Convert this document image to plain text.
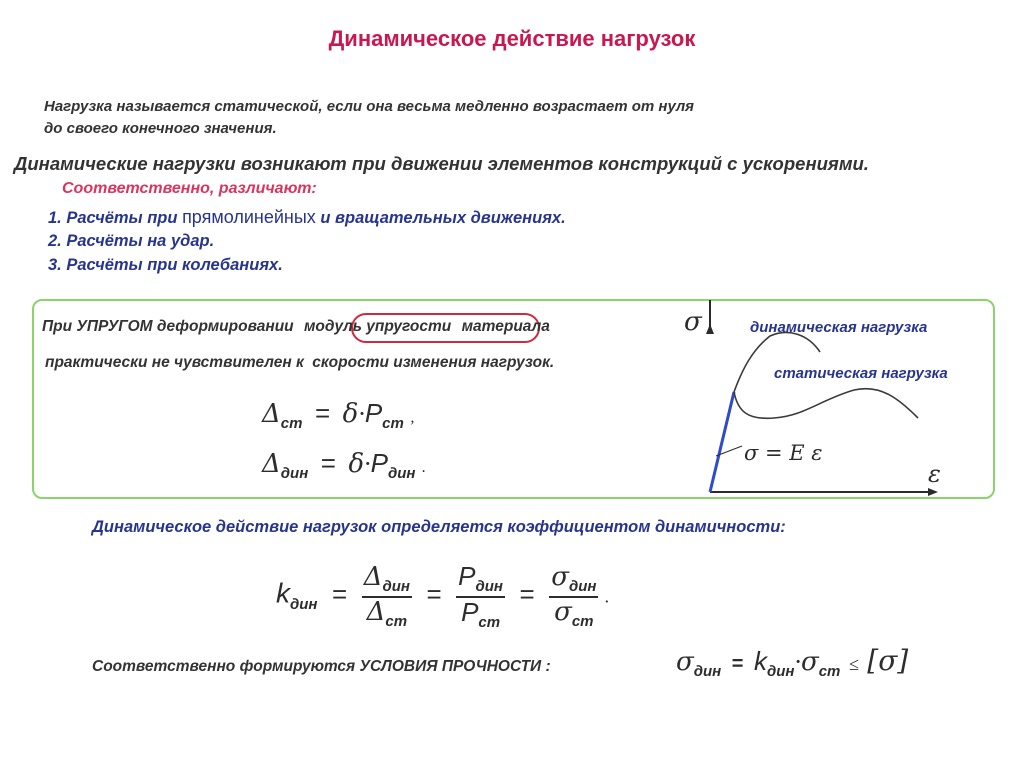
Динамическое действие нагрузок
Нагрузка называется статической, если она весьма медленно возрастает от нуля
до своего конечного значения.
Динамические нагрузки возникают при движении элементов конструкций с ускорениями.
Соответственно, различают:
1. Расчёты при прямолинейных и вращательных движениях.
2. Расчёты на удар.
3. Расчёты при колебаниях.
При УПРУГОМ деформировании модуль упругости материала
практически не чувствителен к скорости изменения нагрузок.
$\Delta_{ст} = \delta\cdot P_{ст}$ ,
$\Delta_{дин} = \delta\cdot P_{дин}$ .
σ
ε
динамическая нагрузка
статическая нагрузка
σ = E ε
Динамическое действие нагрузок определяется коэффициентом динамичности:
$k_{дин} = \frac{\Delta_{дин}}{\Delta_{ст}} = \frac{P_{дин}}{P_{ст}} = \frac{\sigma_{дин}}{\sigma_{ст}}$ .
Соответственно формируются УСЛОВИЯ ПРОЧНОСТИ :	$\sigma_{дин} = k_{дин}\cdot\sigma_{ст} \le [\sigma]$
